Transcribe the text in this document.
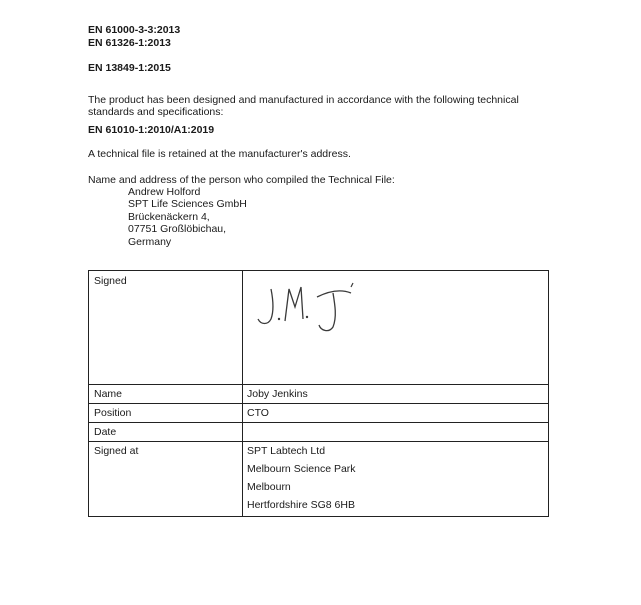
EN 61000-3-3:2013
EN 61326-1:2013
EN 13849-1:2015
The product has been designed and manufactured in accordance with the following technical standards and specifications:
EN 61010-1:2010/A1:2019
A technical file is retained at the manufacturer's address.
Name and address of the person who compiled the Technical File:
Andrew Holford
SPT Life Sciences GmbH
Brückenäckern 4,
07751 Großlöbichau,
Germany
Signed
Name	Joby Jenkins
Position	CTO
Date	9th March 2026
Signed at	SPT Labtech Ltd
Melbourn Science Park
Melbourn
Hertfordshire SG8 6HB
